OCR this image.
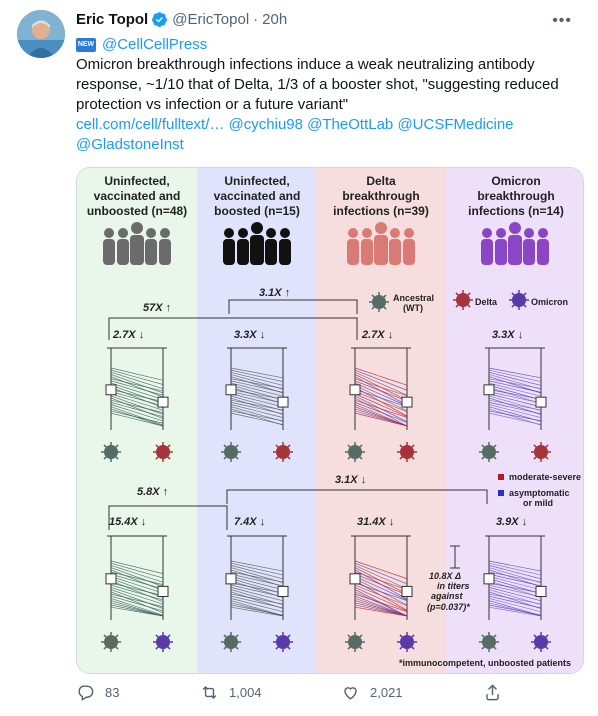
Eric Topol @EricTopol · 20h	•••
NEW @CellCellPress
Omicron breakthrough infections induce a weak neutralizing antibody response, ~1/10 that of Delta, 1/3 of a booster shot, "suggesting reduced protection vs infection or a future variant"
cell.com/cell/fulltext/… @cychiu98 @TheOttLab @UCSFMedicine @GladstoneInst
Uninfected,
vaccinated and
unboosted (n=48)
Uninfected,
vaccinated and
boosted (n=15)
Delta
breakthrough
infections (n=39)
Omicron
breakthrough
infections (n=14)
57X ↑
3.1X ↑	Ancestral
(WT)
Delta	Omicron
2.7X ↓	3.3X ↓	2.7X ↓	3.3X ↓
3.1X ↓
5.8X ↑
moderate-severe
asymptomatic
or mild
15.4X ↓	7.4X ↓	31.4X ↓	3.9X ↓
10.8X Δ
in titers
against
(p=0.037)*
*immunocompetent, unboosted patients
83	1,004	2,021
